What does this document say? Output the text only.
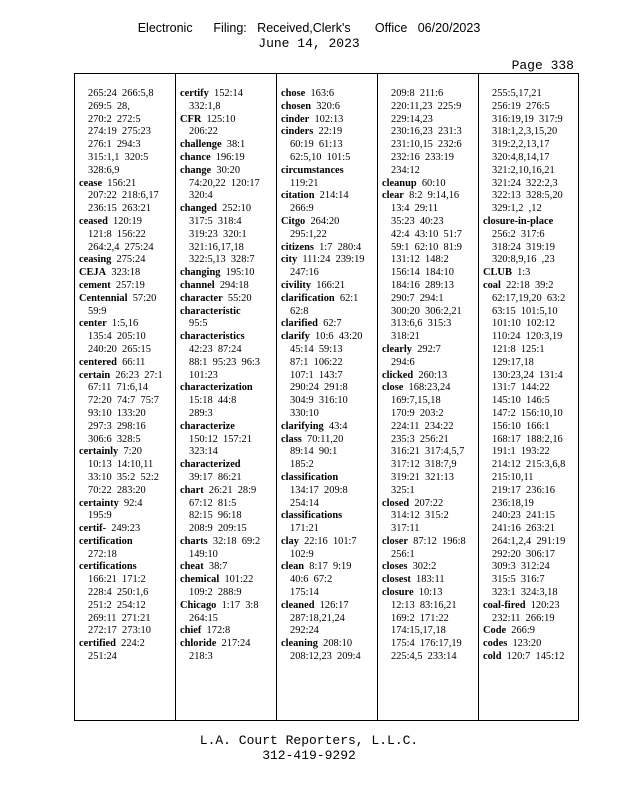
Electronic      Filing:   Received,Clerk's       Office   06/20/2023
June 14, 2023
Page 338
265:24  266:5,8
269:5  28,
270:2  272:5
274:19  275:23
276:1  294:3
315:1,1  320:5
328:6,9
cease  156:21
207:22  218:6,17
236:15  263:21
ceased  120:19
121:8  156:22
264:2,4  275:24
ceasing  275:24
CEJA  323:18
cement  257:19
Centennial  57:20
59:9
center  1:5,16
135:4  205:10
240:20  265:15
centered  66:11
certain  26:23  27:1
67:11  71:6,14
72:20  74:7  75:7
93:10  133:20
297:3  298:16
306:6  328:5
certainly  7:20
10:13  14:10,11
33:10  35:2  52:2
70:22  283:20
certainty  92:4
195:9
certif-  249:23
certification
272:18
certifications
166:21  171:2
228:4  250:1,6
251:2  254:12
269:11  271:21
272:17  273:10
certified  224:2
251:24
certify  152:14
332:1,8
CFR  125:10
206:22
challenge  38:1
chance  196:19
change  30:20
74:20,22  120:17
320:4
changed  252:10
317:5  318:4
319:23  320:1
321:16,17,18
322:5,13  328:7
changing  195:10
channel  294:18
character  55:20
characteristic
95:5
characteristics
42:23  87:24
88:1  95:23  96:3
101:23
characterization
15:18  44:8
289:3
characterize
150:12  157:21
323:14
characterized
39:17  86:21
chart  26:21  28:9
67:12  81:5
82:15  96:18
208:9  209:15
charts  32:18  69:2
149:10
cheat  38:7
chemical  101:22
109:2  288:9
Chicago  1:17  3:8
264:15
chief  172:8
chloride  217:24
218:3
chose  163:6
chosen  320:6
cinder  102:13
cinders  22:19
60:19  61:13
62:5,10  101:5
circumstances
119:21
citation  214:14
266:9
Citgo  264:20
295:1,22
citizens  1:7  280:4
city  111:24  239:19
247:16
civility  166:21
clarification  62:1
62:8
clarified  62:7
clarify  10:6  43:20
45:14  59:13
87:1  106:22
107:1  143:7
290:24  291:8
304:9  316:10
330:10
clarifying  43:4
class  70:11,20
89:14  90:1
185:2
classification
134:17  209:8
254:14
classifications
171:21
clay  22:16  101:7
102:9
clean  8:17  9:19
40:6  67:2
175:14
cleaned  126:17
287:18,21,24
292:24
cleaning  208:10
208:12,23  209:4
209:8  211:6
220:11,23  225:9
229:14,23
230:16,23  231:3
231:10,15  232:6
232:16  233:19
234:12
cleanup  60:10
clear  8:2  9:14,16
13:4  29:11
35:23  40:23
42:4  43:10  51:7
59:1  62:10  81:9
131:12  148:2
156:14  184:10
184:16  289:13
290:7  294:1
300:20  306:2,21
313:6,6  315:3
318:21
clearly  292:7
294:6
clicked  260:13
close  168:23,24
169:7,15,18
170:9  203:2
224:11  234:22
235:3  256:21
316:21  317:4,5,7
317:12  318:7,9
319:21  321:13
325:1
closed  207:22
314:12  315:2
317:11
closer  87:12  196:8
256:1
closes  302:2
closest  183:11
closure  10:13
12:13  83:16,21
169:2  171:22
174:15,17,18
175:4  176:17,19
225:4,5  233:14
255:5,17,21
256:19  276:5
316:19,19  317:9
318:1,2,3,15,20
319:2,2,13,17
320:4,8,14,17
321:2,10,16,21
321:24  322:2,3
322:13  328:5,20
329:1,2  ,12
closure-in-place
256:2  317:6
318:24  319:19
320:8,9,16  ,23
CLUB  1:3
coal  22:18  39:2
62:17,19,20  63:2
63:15  101:5,10
101:10  102:12
110:24  120:3,19
121:8  125:1
129:17,18
130:23,24  131:4
131:7  144:22
145:10  146:5
147:2  156:10,10
156:10  166:1
168:17  188:2,16
191:1  193:22
214:12  215:3,6,8
215:10,11
219:17  236:16
236:18,19
240:23  241:15
241:16  263:21
264:1,2,4  291:19
292:20  306:17
309:3  312:24
315:5  316:7
323:1  324:3,18
coal-fired  120:23
232:11  266:19
Code  266:9
codes  123:20
cold  120:7  145:12
L.A. Court Reporters, L.L.C.
312-419-9292
